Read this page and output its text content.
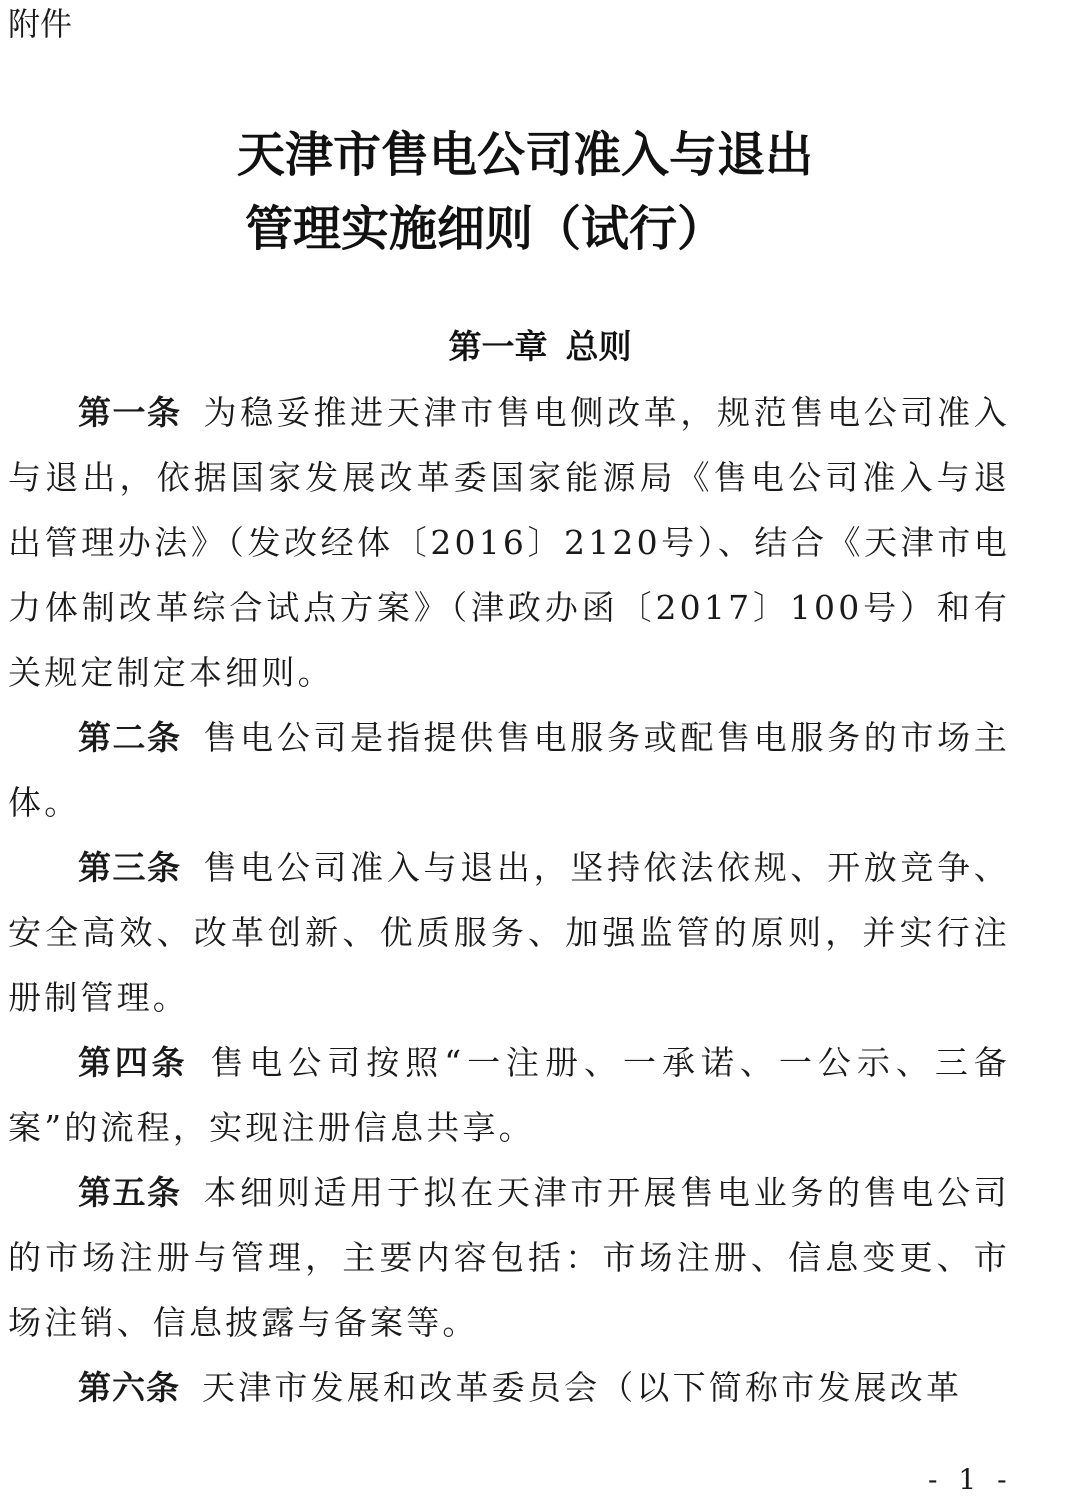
附件
天津市售电公司准入与退出
管理实施细则（试行）
第一章 总则

第一条 为稳妥推进天津市售电侧改革，规范售电公司准入与退出，依据国家发展改革委国家能源局《售电公司准入与退出管理办法》（发改经体〔2016〕2120号）、结合《天津市电力体制改革综合试点方案》（津政办函〔2017〕100号）和有关规定制定本细则。

第二条 售电公司是指提供售电服务或配售电服务的市场主体。

第三条 售电公司准入与退出，坚持依法依规、开放竞争、安全高效、改革创新、优质服务、加强监管的原则，并实行注册制管理。

第四条 售电公司按照“一注册、一承诺、一公示、三备案”的流程，实现注册信息共享。

第五条 本细则适用于拟在天津市开展售电业务的售电公司的市场注册与管理，主要内容包括：市场注册、信息变更、市场注销、信息披露与备案等。

第六条 天津市发展和改革委员会（以下简称市发展改革

- 1 -
